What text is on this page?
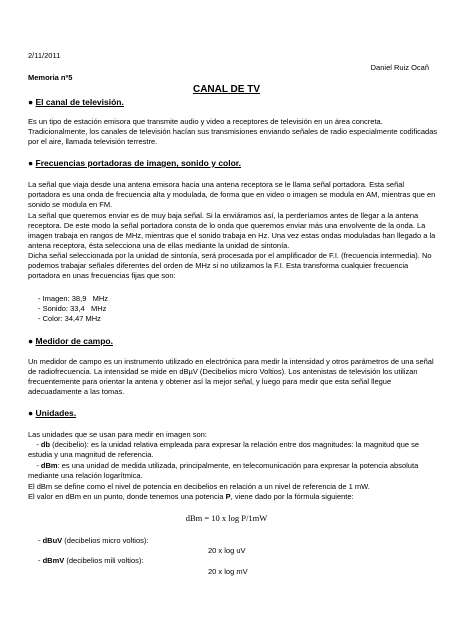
2/11/2011

Daniel Ruiz Ocañ

Memoria nº5

CANAL DE TV

● El canal de televisión.

Es un tipo de estación emisora que transmite audio y video a receptores de televisión en un área concreta. Tradicionalmente, los canales de televisión hacían sus transmisiones enviando señales de radio especialmente codificadas por el aire, llamada televisión terrestre.

● Frecuencias portadoras de imagen, sonido y color.

La señal que viaja desde una antena emisora hacia una antena receptora se le llama señal portadora. Esta señal portadora es una onda de frecuencia alta y modulada, de forma que en video o imagen se modula en AM, mientras que en sonido se modula en FM.

La señal que queremos enviar es de muy baja señal. Si la enviáramos así, la perderíamos antes de llegar a la antena receptora. De este modo la señal portadora consta de lo onda que queremos enviar más una envolvente de la onda. La imagen trabaja en rangos de MHz, mientras que el sonido trabaja en Hz. Una vez estas ondas moduladas han llegado a la antena receptora, ésta selecciona una de ellas mediante la unidad de sintonía.

Dicha señal seleccionada por la unidad de sintonía, será procesada por el amplificador de F.I. (frecuencia intermedia). No podemos trabajar señales diferentes del orden de MHz si no utilizamos la F.I. Esta transforma cualquier frecuencia portadora en unas frecuencias fijas que son:

- Imagen: 38,9   MHz
- Sonido: 33,4   MHz
- Color: 34,47 MHz

● Medidor de campo.

Un medidor de campo es un instrumento utilizado en electrónica para medir la intensidad y otros parámetros de una señal de radiofrecuencia. La intensidad se mide en dBµV (Decibelios micro Voltios). Los antenistas de televisión los utilizan frecuentemente para orientar la antena y obtener así la mejor señal, y luego para medir que esta señal llegue adecuadamente a las tomas.

● Unidades.

Las unidades que se usan para medir en imagen son:

- db (decibelio): es la unidad relativa empleada para expresar la relación entre dos magnitudes: la magnitud que se estudia y una magnitud de referencia.

- dBm: es una unidad de medida utilizada, principalmente, en telecomunicación para expresar la potencia absoluta mediante una relación logarítmica.

El dBm se define como el nivel de potencia en decibelios en relación a un nivel de referencia de 1 mW.

El valor en dBm en un punto, donde tenemos una potencia P, viene dado por la fórmula siguiente:

dBm = 10 x log P/1mW

- dBuV (decibelios micro voltios):

20 x log uV

- dBmV (decibelios mili voltios):

20 x log mV
